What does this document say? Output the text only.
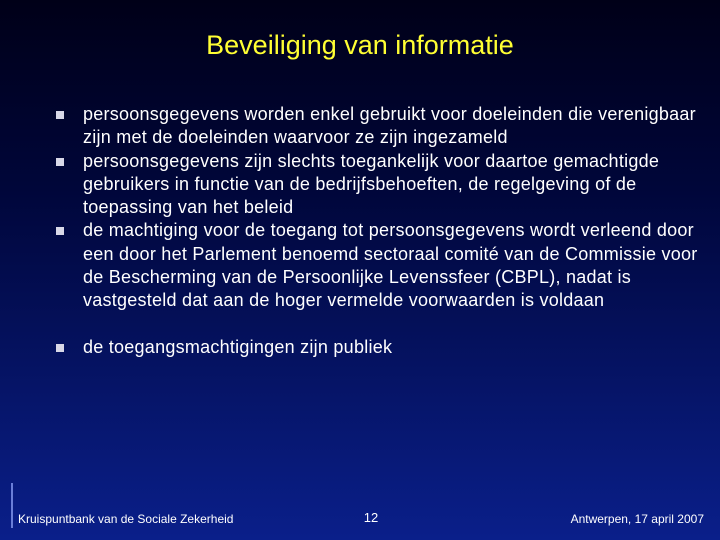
Beveiliging van informatie
persoonsgegevens worden enkel gebruikt voor doeleinden die verenigbaar zijn met de doeleinden waarvoor ze zijn ingezameld
persoonsgegevens zijn slechts toegankelijk voor daartoe gemachtigde gebruikers in functie van de bedrijfsbehoeften, de regelgeving of de toepassing van het beleid
de machtiging voor de toegang tot persoonsgegevens wordt verleend door een door het Parlement benoemd sectoraal comité van de Commissie voor de Bescherming van de Persoonlijke Levenssfeer (CBPL), nadat is vastgesteld dat aan de hoger vermelde voorwaarden is voldaan
de toegangsmachtigingen zijn publiek
Kruispuntbank van de Sociale Zekerheid	12	Antwerpen, 17 april 2007
